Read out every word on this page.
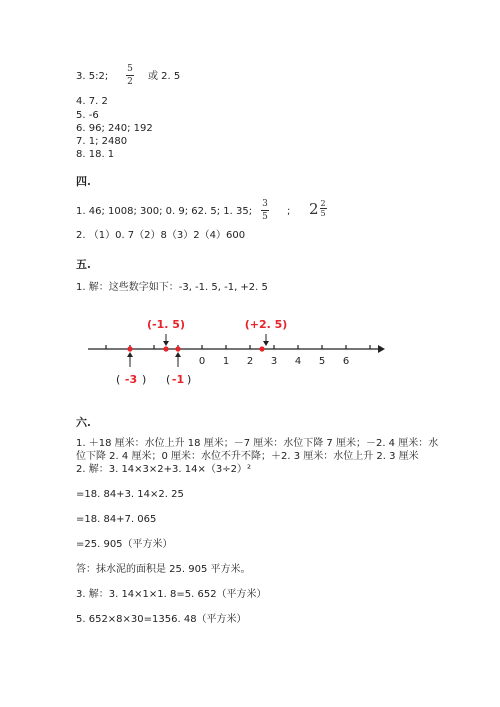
3. 5:2;
5
2 或 2. 5
4. 7. 2
5. -6
6. 96; 240; 192
7. 1; 2480
8. 18. 1
四.
1. 46; 1008; 300; 0. 9; 62. 5; 1. 35;
3
5 ; 2 2
5
2. （1）0. 7（2）8（3）2（4）600
五.
1. 解：这些数字如下：-3, -1. 5, -1, +2. 5
0 1 2 3 4 5 6
(-1. 5)	(+2. 5)
( -3 ) ( -1 )
六.
1. ＋18 厘米：水位上升 18 厘米；－7 厘米：水位下降 7 厘米；－2. 4 厘米：水
位下降 2. 4 厘米；0 厘米：水位不升不降；＋2. 3 厘米：水位上升 2. 3 厘米
2. 解：3. 14×3×2+3. 14×（3÷2）²
=18. 84+3. 14×2. 25
=18. 84+7. 065
=25. 905（平方米）
答：抹水泥的面积是 25. 905 平方米。
3. 解：3. 14×1×1. 8=5. 652（平方米）
5. 652×8×30=1356. 48（平方米）
